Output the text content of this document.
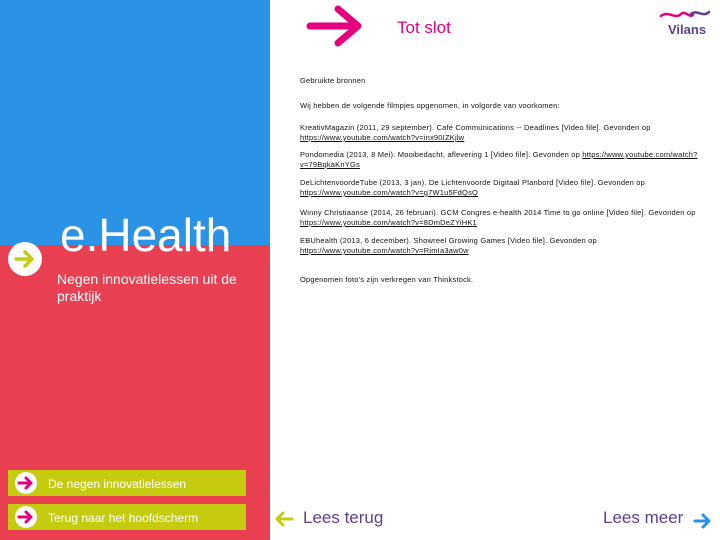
Tot slot	Vilans
e.Health
Negen innovatielessen uit de praktijk
De negen innovatielessen
Terug naar het hoofdscherm

Gebruikte bronnen

Wij hebben de volgende filmpjes opgenomen, in volgorde van voorkomen:

KreativMagazin (2011, 29 september). Café Communications -- Deadlines [Video file]. Gevonden op https://www.youtube.com/watch?v=inx90IZKjlw

Pondomedia (2013, 8 Mei). Mooibedacht, aflevering 1 [Video file]. Gevonden op https://www.youtube.com/watch?v=79BqkaKnYGs

DeLichtenvoordeTube (2013, 3 jan). De Lichtenvoorde Digitaal Planbord [Video file]. Gevonden op https://www.youtube.com/watch?v=g7W1u5FdQsQ

Winny Christiaanse (2014, 26 februari). GCM Congres e-health 2014 Time to go online [Video file]. Gevonden op https://www.youtube.com/watch?v=8DmDeZYiHK1

EBUhealth (2013, 6 december). Showreel Growing Games [Video file]. Gevonden op https://www.youtube.com/watch?v=RimIa3aw0w

Opgenomen foto's zijn verkregen van Thinkstock.

Lees terug	Lees meer
